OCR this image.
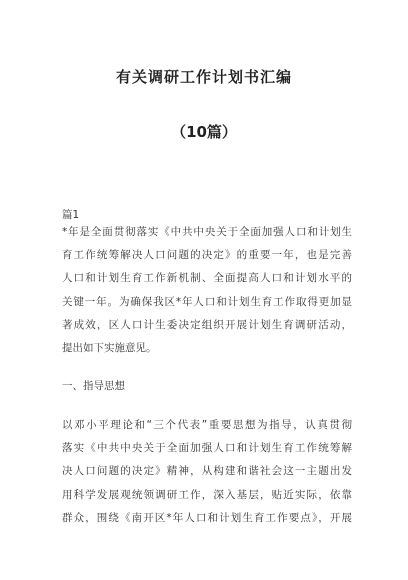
有关调研工作计划书汇编
（10篇）
篇1
*年是全面贯彻落实《中共中央关于全面加强人口和计划生
育工作统筹解决人口问题的决定》的重要一年，也是完善
人口和计划生育工作新机制、全面提高人口和计划水平的
关键一年。为确保我区*年人口和计划生育工作取得更加显
著成效，区人口计生委决定组织开展计划生育调研活动，
提出如下实施意见。
一、指导思想
以邓小平理论和“三个代表”重要思想为指导，认真贯彻
落实《中共中央关于全面加强人口和计划生育工作统筹解
决人口问题的决定》精神，从构建和谐社会这一主题出发
用科学发展观统领调研工作，深入基层，贴近实际，依靠
群众，围绕《南开区*年人口和计划生育工作要点》，开展
